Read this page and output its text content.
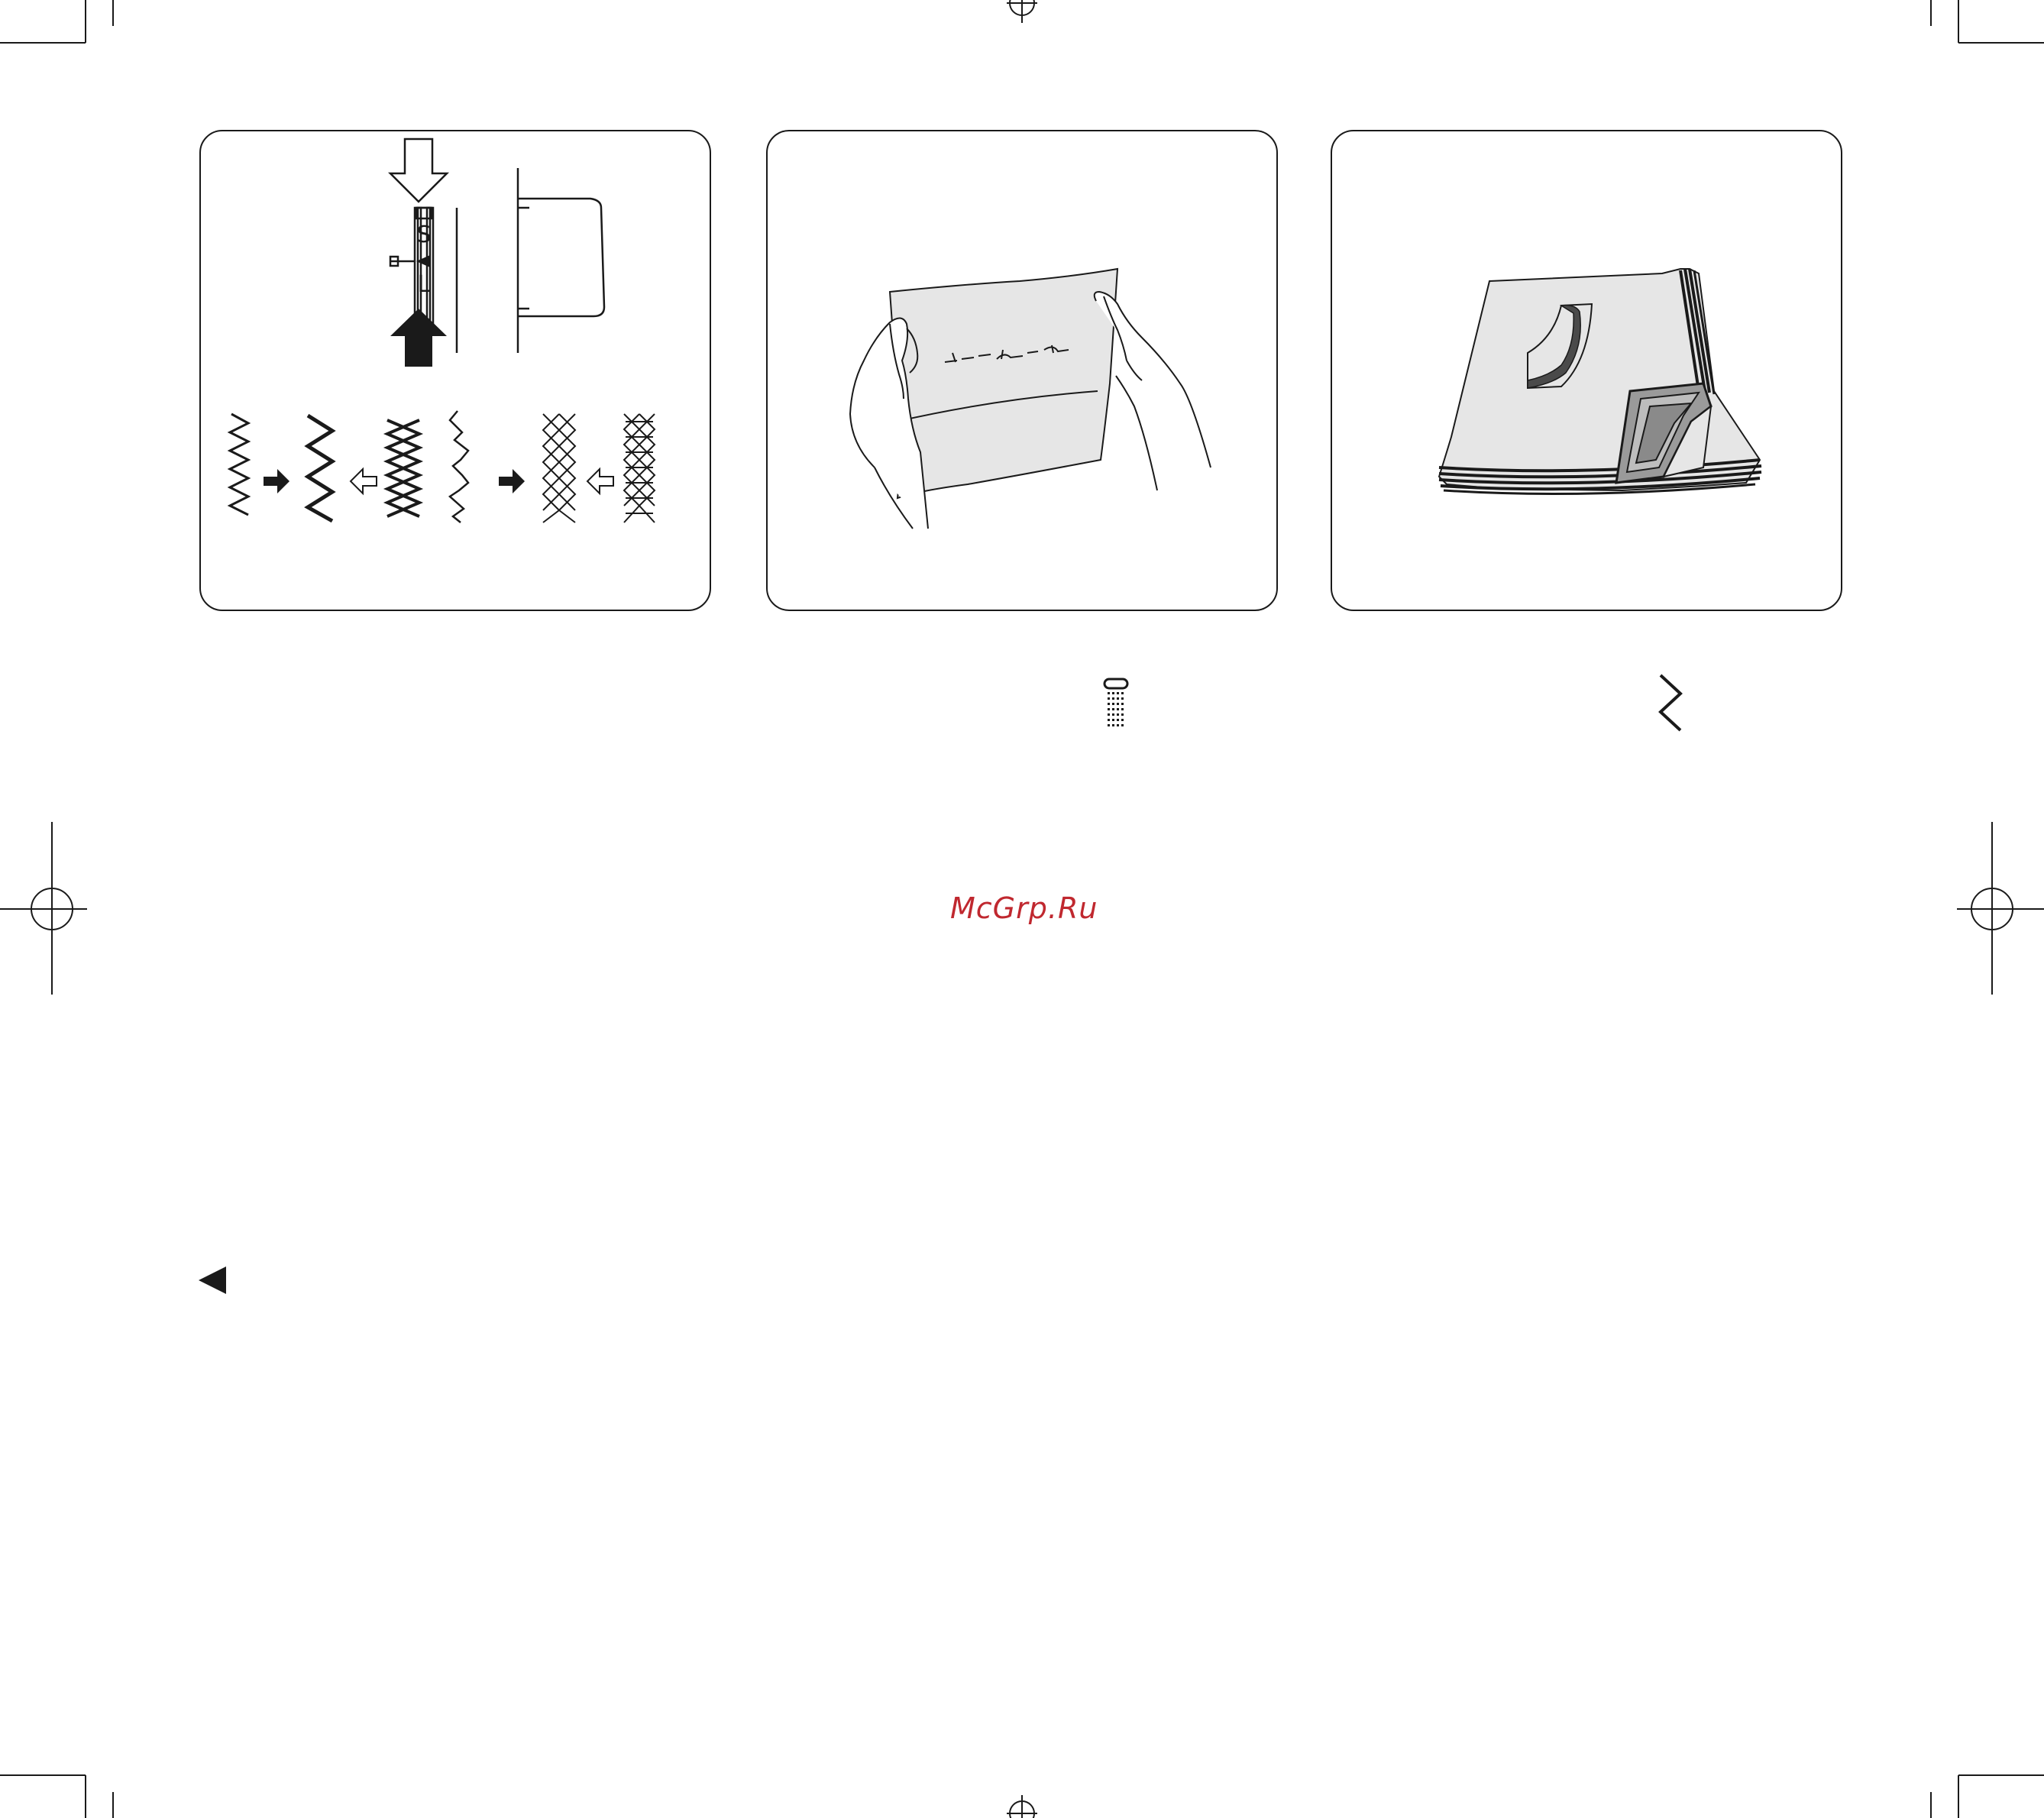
S
L
McGrp.Ru
